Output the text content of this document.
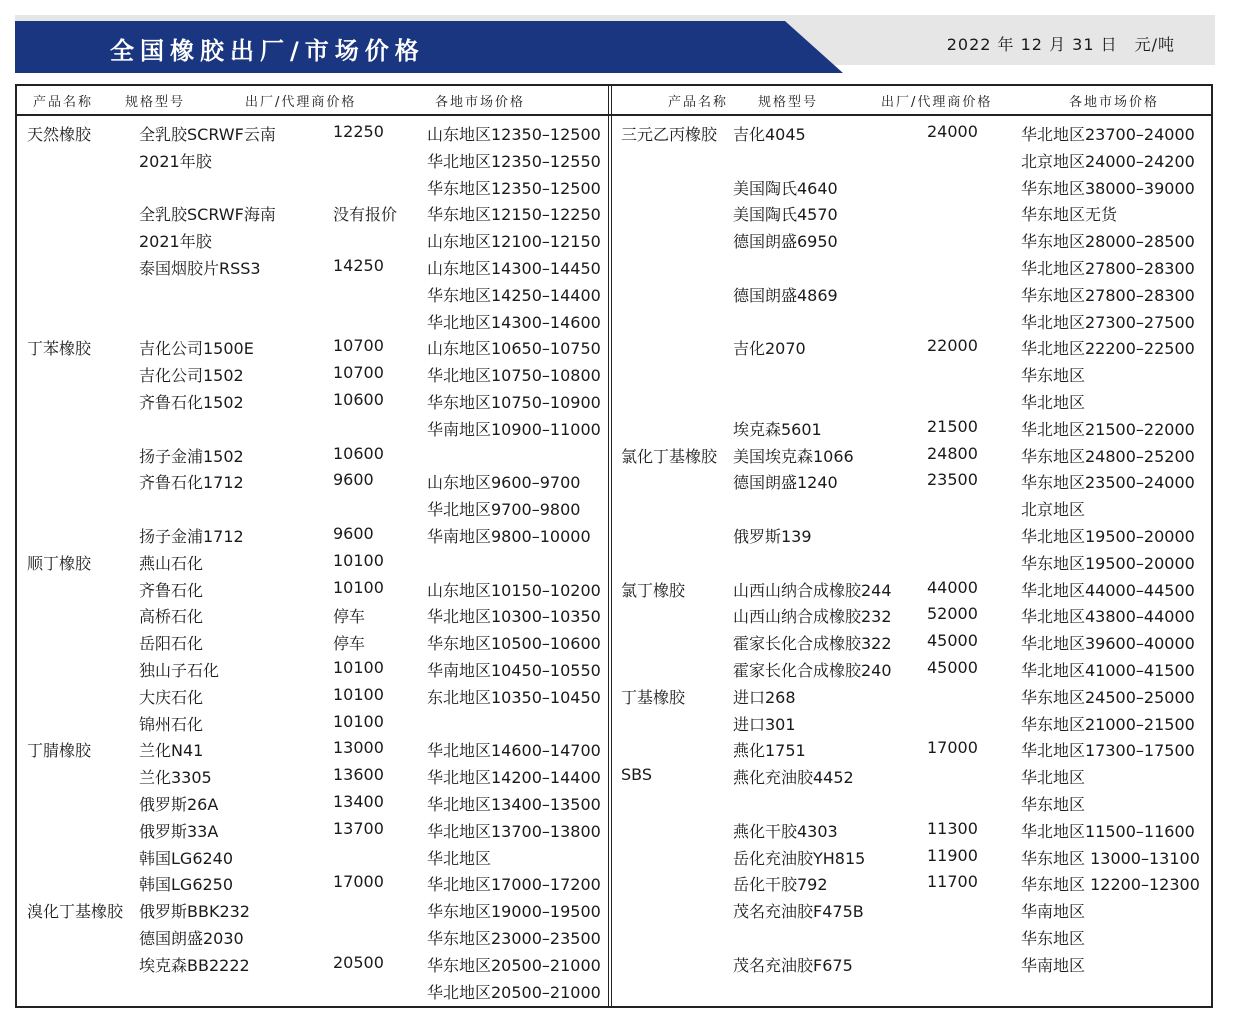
全国橡胶出厂/市场价格	2022 年 12 月 31 日　元/吨
产品名称 规格型号	出厂/代理商价格	各地市场价格	产品名称 规格型号	出厂/代理商价格	各地市场价格
天然橡胶	全乳胶SCRWF云南	12250	山东地区12350–12500
2021年胶	华北地区12350–12550
华东地区12350–12500
全乳胶SCRWF海南	没有报价 华东地区12150–12250
2021年胶	山东地区12100–12150
泰国烟胶片RSS3	14250	山东地区14300–14450
华东地区14250–14400
华北地区14300–14600
丁苯橡胶	吉化公司1500E	10700	山东地区10650–10750
吉化公司1502	10700	华北地区10750–10800
齐鲁石化1502	10600	华东地区10750–10900
华南地区10900–11000
扬子金浦1502	10600
齐鲁石化1712	9600	山东地区9600–9700
华北地区9700–9800
扬子金浦1712	9600	华南地区9800–10000
顺丁橡胶	燕山石化	10100
齐鲁石化	10100	山东地区10150–10200
高桥石化	停车	华北地区10300–10350
岳阳石化	停车	华东地区10500–10600
独山子石化	10100	华南地区10450–10550
大庆石化	10100	东北地区10350–10450
锦州石化	10100
丁腈橡胶	兰化N41	13000	华北地区14600–14700
兰化3305	13600	华北地区14200–14400
俄罗斯26A	13400	华北地区13400–13500
俄罗斯33A	13700	华北地区13700–13800
韩国LG6240	华北地区
韩国LG6250	17000	华北地区17000–17200
溴化丁基橡胶 俄罗斯BBK232	华东地区19000–19500
德国朗盛2030	华东地区23000–23500
埃克森BB2222	20500	华东地区20500–21000
华北地区20500–21000
三元乙丙橡胶 吉化4045	24000	华北地区23700–24000
北京地区24000–24200
美国陶氏4640	华东地区38000–39000
美国陶氏4570	华东地区无货
德国朗盛6950	华东地区28000–28500
华北地区27800–28300
德国朗盛4869	华东地区27800–28300
华北地区27300–27500
吉化2070	22000	华北地区22200–22500
华东地区
华北地区
埃克森5601	21500	华北地区21500–22000
氯化丁基橡胶 美国埃克森1066	24800	华东地区24800–25200
德国朗盛1240	23500	华东地区23500–24000
北京地区
俄罗斯139	华北地区19500–20000
华东地区19500–20000
氯丁橡胶	山西山纳合成橡胶244 44000	华北地区44000–44500
山西山纳合成橡胶232 52000	华北地区43800–44000
霍家长化合成橡胶322 45000	华北地区39600–40000
霍家长化合成橡胶240 45000	华北地区41000–41500
丁基橡胶	进口268	华东地区24500–25000
进口301	华东地区21000–21500
燕化1751	17000	华北地区17300–17500
SBS	燕化充油胶4452	华北地区
华东地区
燕化干胶4303	11300	华北地区11500–11600
岳化充油胶YH815	11900	华东地区 13000–13100
岳化干胶792	11700	华东地区 12200–12300
茂名充油胶F475B	华南地区
华东地区
茂名充油胶F675	华南地区
